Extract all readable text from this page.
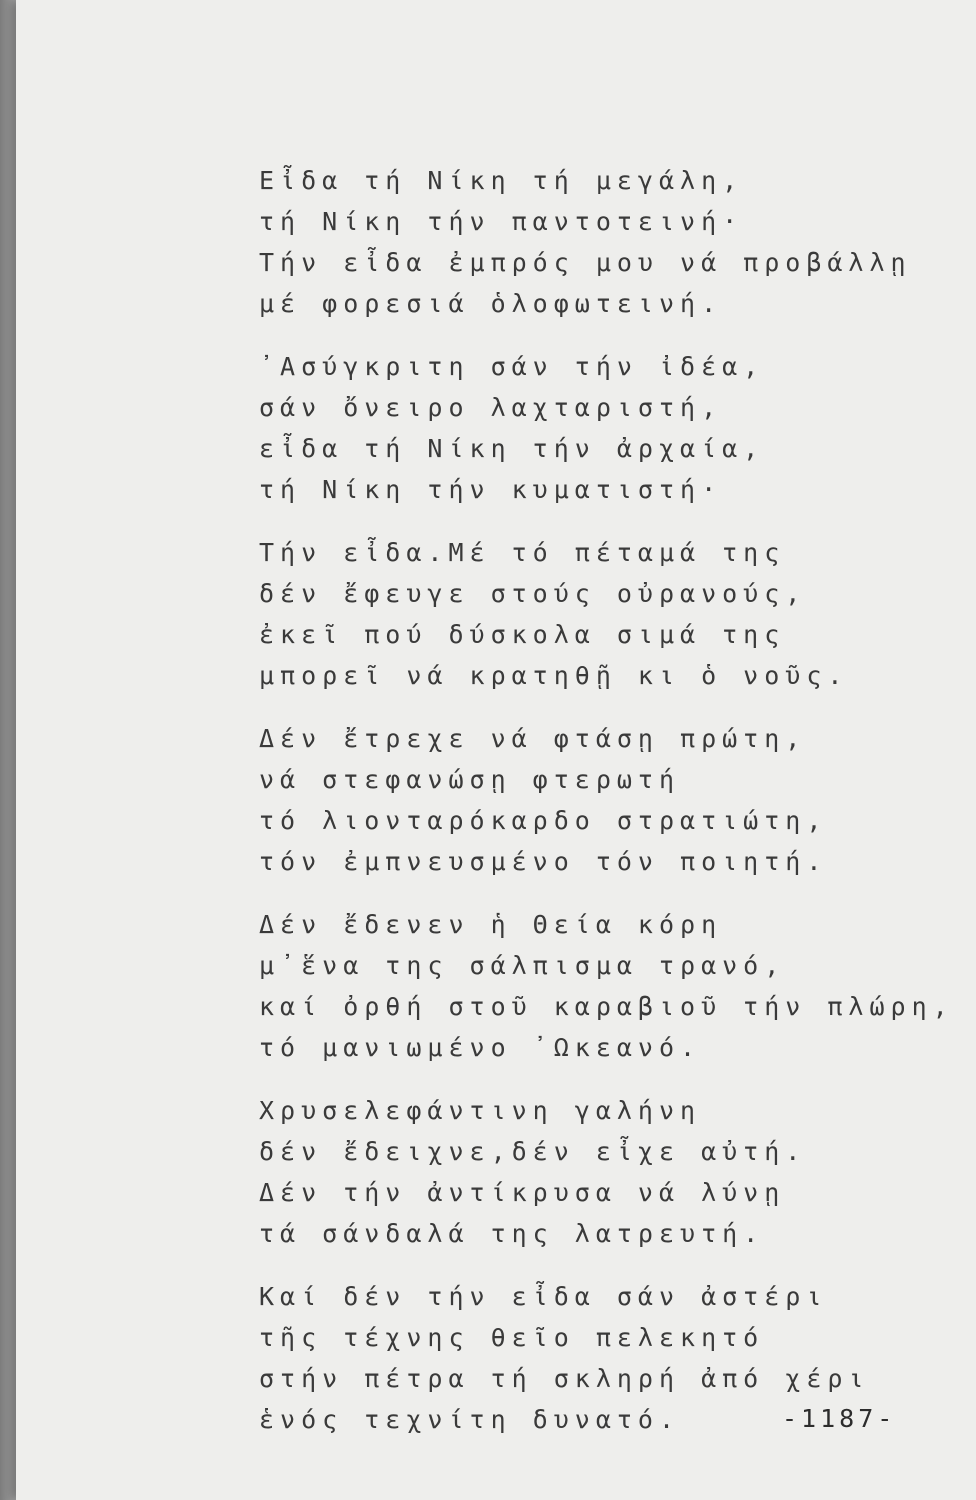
Εἶδα τή Νίκη τή μεγάλη,
τή Νίκη τήν παντοτεινή·
Τήν εἶδα ἐμπρός μου νά προβάλλῃ
μέ φορεσιά ὁλοφωτεινή.
᾿Ασύγκριτη σάν τήν ἰδέα,
σάν ὄνειρο λαχταριστή,
εἶδα τή Νίκη τήν ἀρχαία,
τή Νίκη τήν κυματιστή·
Τήν εἶδα.Μέ τό πέταμά της
δέν ἔφευγε στούς οὐρανούς,
ἐκεῖ πού δύσκολα σιμά της
μπορεῖ νά κρατηθῇ κι ὁ νοῦς.
Δέν ἔτρεχε νά φτάσῃ πρώτη,
νά στεφανώσῃ φτερωτή
τό λιονταρόκαρδο στρατιώτη,
τόν ἐμπνευσμένο τόν ποιητή.
Δέν ἔδενεν ἡ Θεία κόρη
μ᾿ἕνα της σάλπισμα τρανό,
καί ὀρθή στοῦ καραβιοῦ τήν πλώρη,
τό μανιωμένο ᾿Ωκεανό.
Χρυσελεφάντινη γαλήνη
δέν ἔδειχνε,δέν εἶχε αὐτή.
Δέν τήν ἀντίκρυσα νά λύνῃ
τά σάνδαλά της λατρευτή.
Καί δέν τήν εἶδα σάν ἀστέρι
τῆς τέχνης θεῖο πελεκητό
στήν πέτρα τή σκληρή ἀπό χέρι
ἑνός τεχνίτη δυνατό.	-1187-
